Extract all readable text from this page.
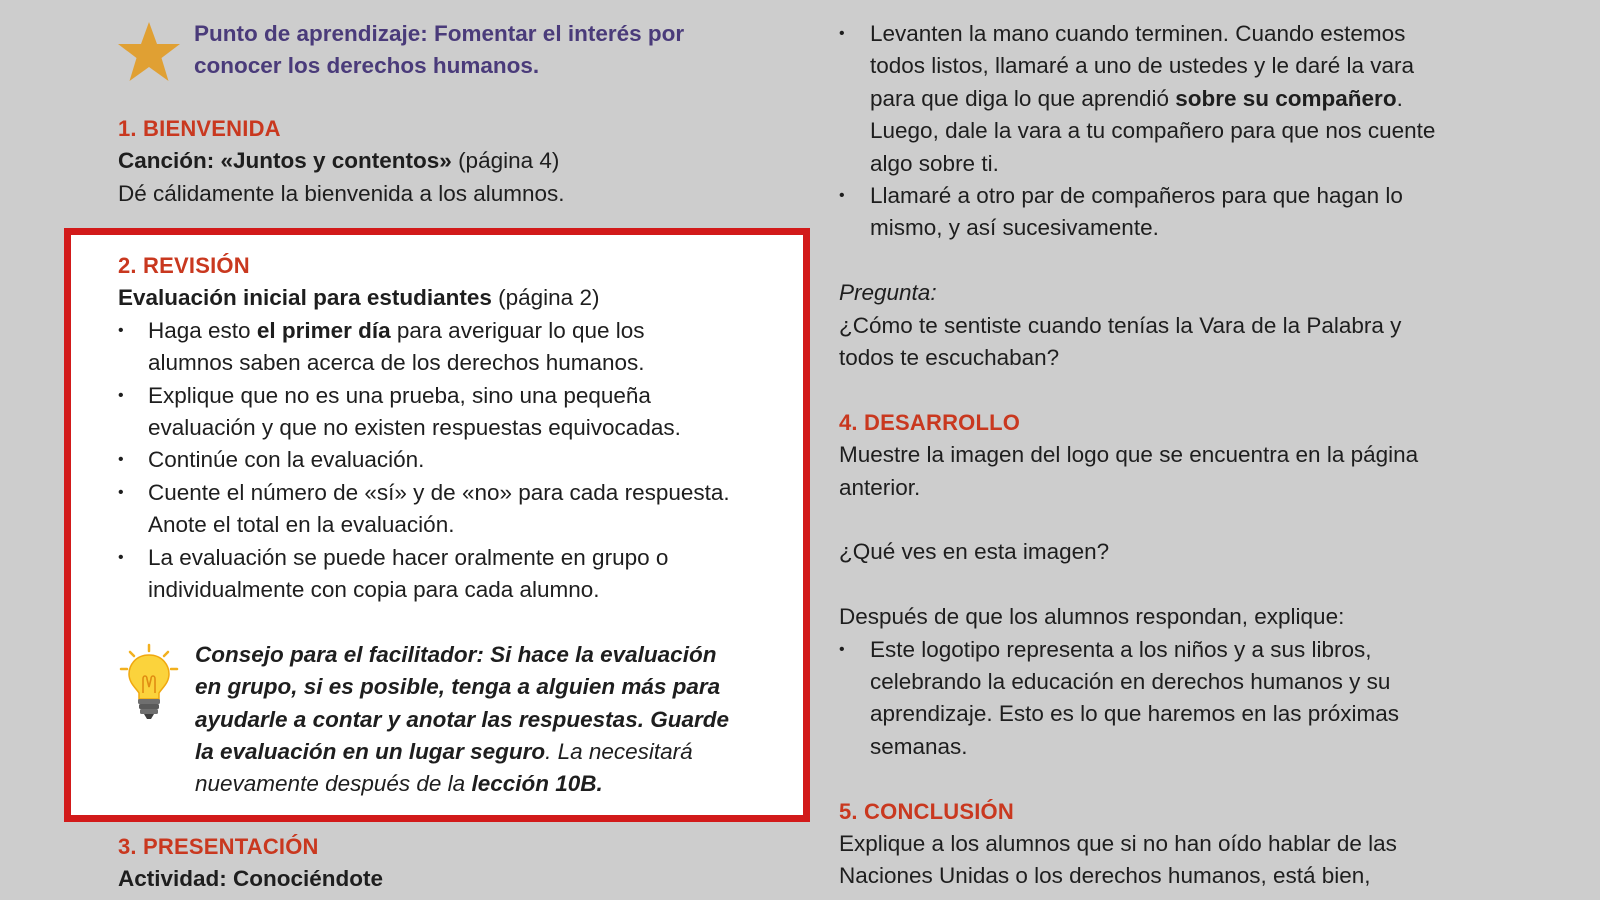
Punto de aprendizaje: Fomentar el interés por
conocer los derechos humanos.

1. BIENVENIDA

Canción: «Juntos y contentos» (página 4)

Dé cálidamente la bienvenida a los alumnos.

2. REVISIÓN

Evaluación inicial para estudiantes (página 2)

• Haga esto el primer día para averiguar lo que los
alumnos saben acerca de los derechos humanos.
• Explique que no es una prueba, sino una pequeña
evaluación y que no existen respuestas equivocadas.
• Continúe con la evaluación.
• Cuente el número de «sí» y de «no» para cada respuesta.
Anote el total en la evaluación.
• La evaluación se puede hacer oralmente en grupo o
individualmente con copia para cada alumno.

Consejo para el facilitador: Si hace la evaluación

en grupo, si es posible, tenga a alguien más para

ayudarle a contar y anotar las respuestas. Guarde

la evaluación en un lugar seguro. La necesitará

nuevamente después de la lección 10B.

3. PRESENTACIÓN

Actividad: Conociéndote

• Levanten la mano cuando terminen. Cuando estemos
todos listos, llamaré a uno de ustedes y le daré la vara
para que diga lo que aprendió sobre su compañero.
Luego, dale la vara a tu compañero para que nos cuente
algo sobre ti.
• Llamaré a otro par de compañeros para que hagan lo
mismo, y así sucesivamente.

Pregunta:

¿Cómo te sentiste cuando tenías la Vara de la Palabra y

todos te escuchaban?

4. DESARROLLO

Muestre la imagen del logo que se encuentra en la página

anterior.

¿Qué ves en esta imagen?

Después de que los alumnos respondan, explique:

• Este logotipo representa a los niños y a sus libros,
celebrando la educación en derechos humanos y su
aprendizaje. Esto es lo que haremos en las próximas
semanas.

5. CONCLUSIÓN

Explique a los alumnos que si no han oído hablar de las

Naciones Unidas o los derechos humanos, está bien,
